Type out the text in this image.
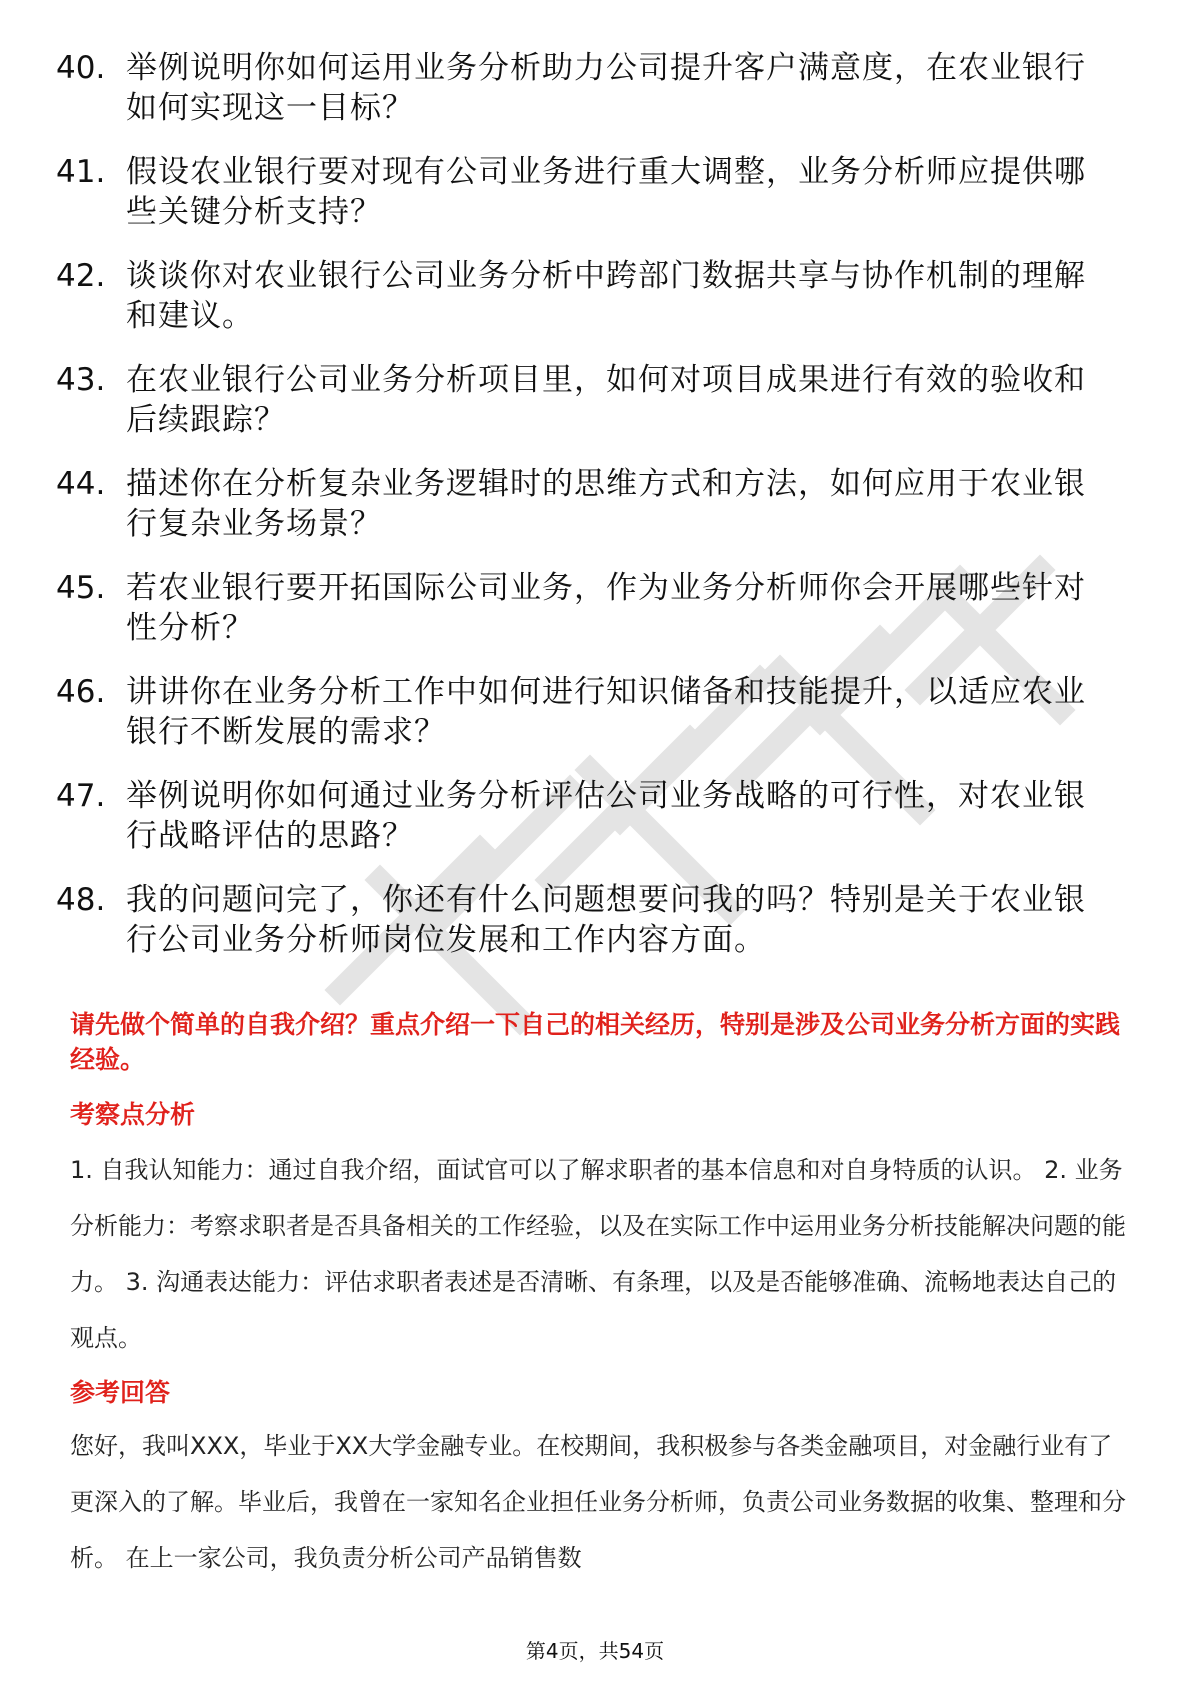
40. 举例说明你如何运用业务分析助力公司提升客户满意度，在农业银行如何实现这一目标？
41. 假设农业银行要对现有公司业务进行重大调整，业务分析师应提供哪些关键分析支持？
42. 谈谈你对农业银行公司业务分析中跨部门数据共享与协作机制的理解和建议。
43. 在农业银行公司业务分析项目里，如何对项目成果进行有效的验收和后续跟踪？
44. 描述你在分析复杂业务逻辑时的思维方式和方法，如何应用于农业银行复杂业务场景？
45. 若农业银行要开拓国际公司业务，作为业务分析师你会开展哪些针对性分析？
46. 讲讲你在业务分析工作中如何进行知识储备和技能提升，以适应农业银行不断发展的需求？
47. 举例说明你如何通过业务分析评估公司业务战略的可行性，对农业银行战略评估的思路？
48. 我的问题问完了，你还有什么问题想要问我的吗？特别是关于农业银行公司业务分析师岗位发展和工作内容方面。
请先做个简单的自我介绍？重点介绍一下自己的相关经历，特别是涉及公司业务分析方面的实践经验。
考察点分析
1. 自我认知能力：通过自我介绍，面试官可以了解求职者的基本信息和对自身特质的认识。 2. 业务分析能力：考察求职者是否具备相关的工作经验，以及在实际工作中运用业务分析技能解决问题的能力。 3. 沟通表达能力：评估求职者表述是否清晰、有条理，以及是否能够准确、流畅地表达自己的观点。
参考回答
您好，我叫XXX，毕业于XX大学金融专业。在校期间，我积极参与各类金融项目，对金融行业有了更深入的了解。毕业后，我曾在一家知名企业担任业务分析师，负责公司业务数据的收集、整理和分析。 在上一家公司，我负责分析公司产品销售数
第4页，共54页
